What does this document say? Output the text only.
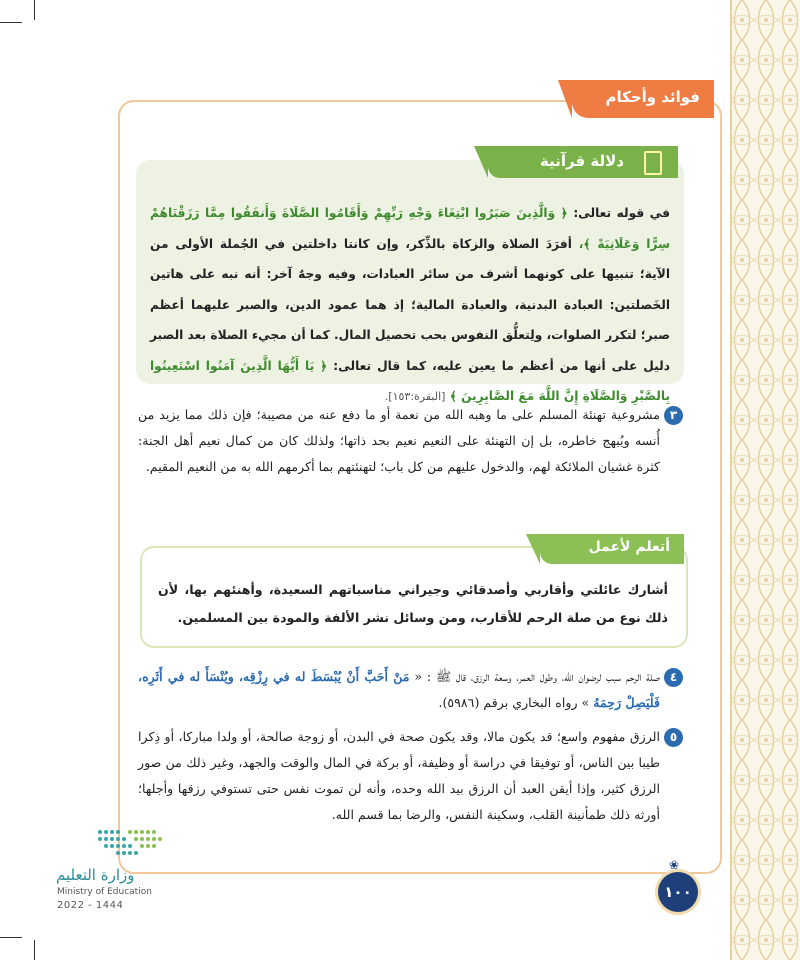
فوائد وأحكام
دلالة قرآنية
في قوله تعالى: ﴿ وَالَّذِينَ صَبَرُوا ابْتِغَاءَ وَجْهِ رَبِّهِمْ وَأَقَامُوا الصَّلَاةَ وَأَنفَقُوا مِمَّا رَزَقْنَاهُمْ سِرًّا وَعَلَانِيَةً ﴾، أفرَدَ الصلاة والزكاة بالذِّكر، وإن كانتا داخلتين في الجُملة الأولى من الآية؛ تنبيها على كونهما أشرف من سائر العبادات، وفيه وجهٌ آخر: أنه نبه على هاتين الخَصلتين: العبادة البدنية، والعبادة المالية؛ إذ هما عمود الدين، والصبر عليهما أعظم صبر؛ لتكرر الصلوات، ولِتعلُّق النفوس بحب تحصيل المال. كما أن مجيء الصلاة بعد الصبر دليل على أنها من أعظم ما يعين عليه، كما قال تعالى: ﴿ يَا أَيُّهَا الَّذِينَ آمَنُوا اسْتَعِينُوا بِالصَّبْرِ وَالصَّلَاةِ إِنَّ اللَّهَ مَعَ الصَّابِرِينَ ﴾ [البقرة:١٥٣].
٣
مشروعية تهنئة المسلم على ما وهبه الله من نعمة أو ما دفع عنه من مصيبة؛ فإن ذلك مما يزيد من أُنسه ويُبهج خاطره، بل إن التهنئة على النعيم نعيم بحد ذاتها؛ ولذلك كان من كمال نعيم أهل الجنة: كثرة غشيان الملائكة لهم، والدخول عليهم من كل باب؛ لتهنئتهم بما أكرمهم الله به من النعيم المقيم.
أتعلم لأعمل
أشارك عائلتي وأقاربي وأصدقائي وجيراني مناسباتهم السعيدة، وأهنئهم بها، لأن ذلك نوع من صلة الرحم للأقارب، ومن وسائل نشر الألفة والمودة بين المسلمين.
٤
صلة الرحم سبب لرضوان الله، وطول العمر، وسعة الرزق، قال ﷺ : « مَنْ أَحَبَّ أَنْ يُبْسَطَ له في رِزْقِه، ويُنْسَأَ له في أَثَرِه، فَلْيَصِلْ رَحِمَهُ » رواه البخاري برقم (٥٩٨٦).
٥
الرزق مفهوم واسع؛ قد يكون مالا، وقد يكون صحة في البدن، أو زوجة صالحة، أو ولدا مباركا، أو ذِكرا طيبا بين الناس، أو توفيقا في دراسة أو وظيفة، أو بركة في المال والوقت والجهد، وغير ذلك من صور الرزق كثير، وإذا أيقن العبد أن الرزق بيد الله وحده، وأنه لن تموت نفس حتى تستوفي رزقها وأجلها؛ أورثه ذلك طمأنينة القلب، وسكينة النفس، والرضا بما قسم الله.
وزارة التعليم
Ministry of Education
2022 - 1444
❀
١٠٠
